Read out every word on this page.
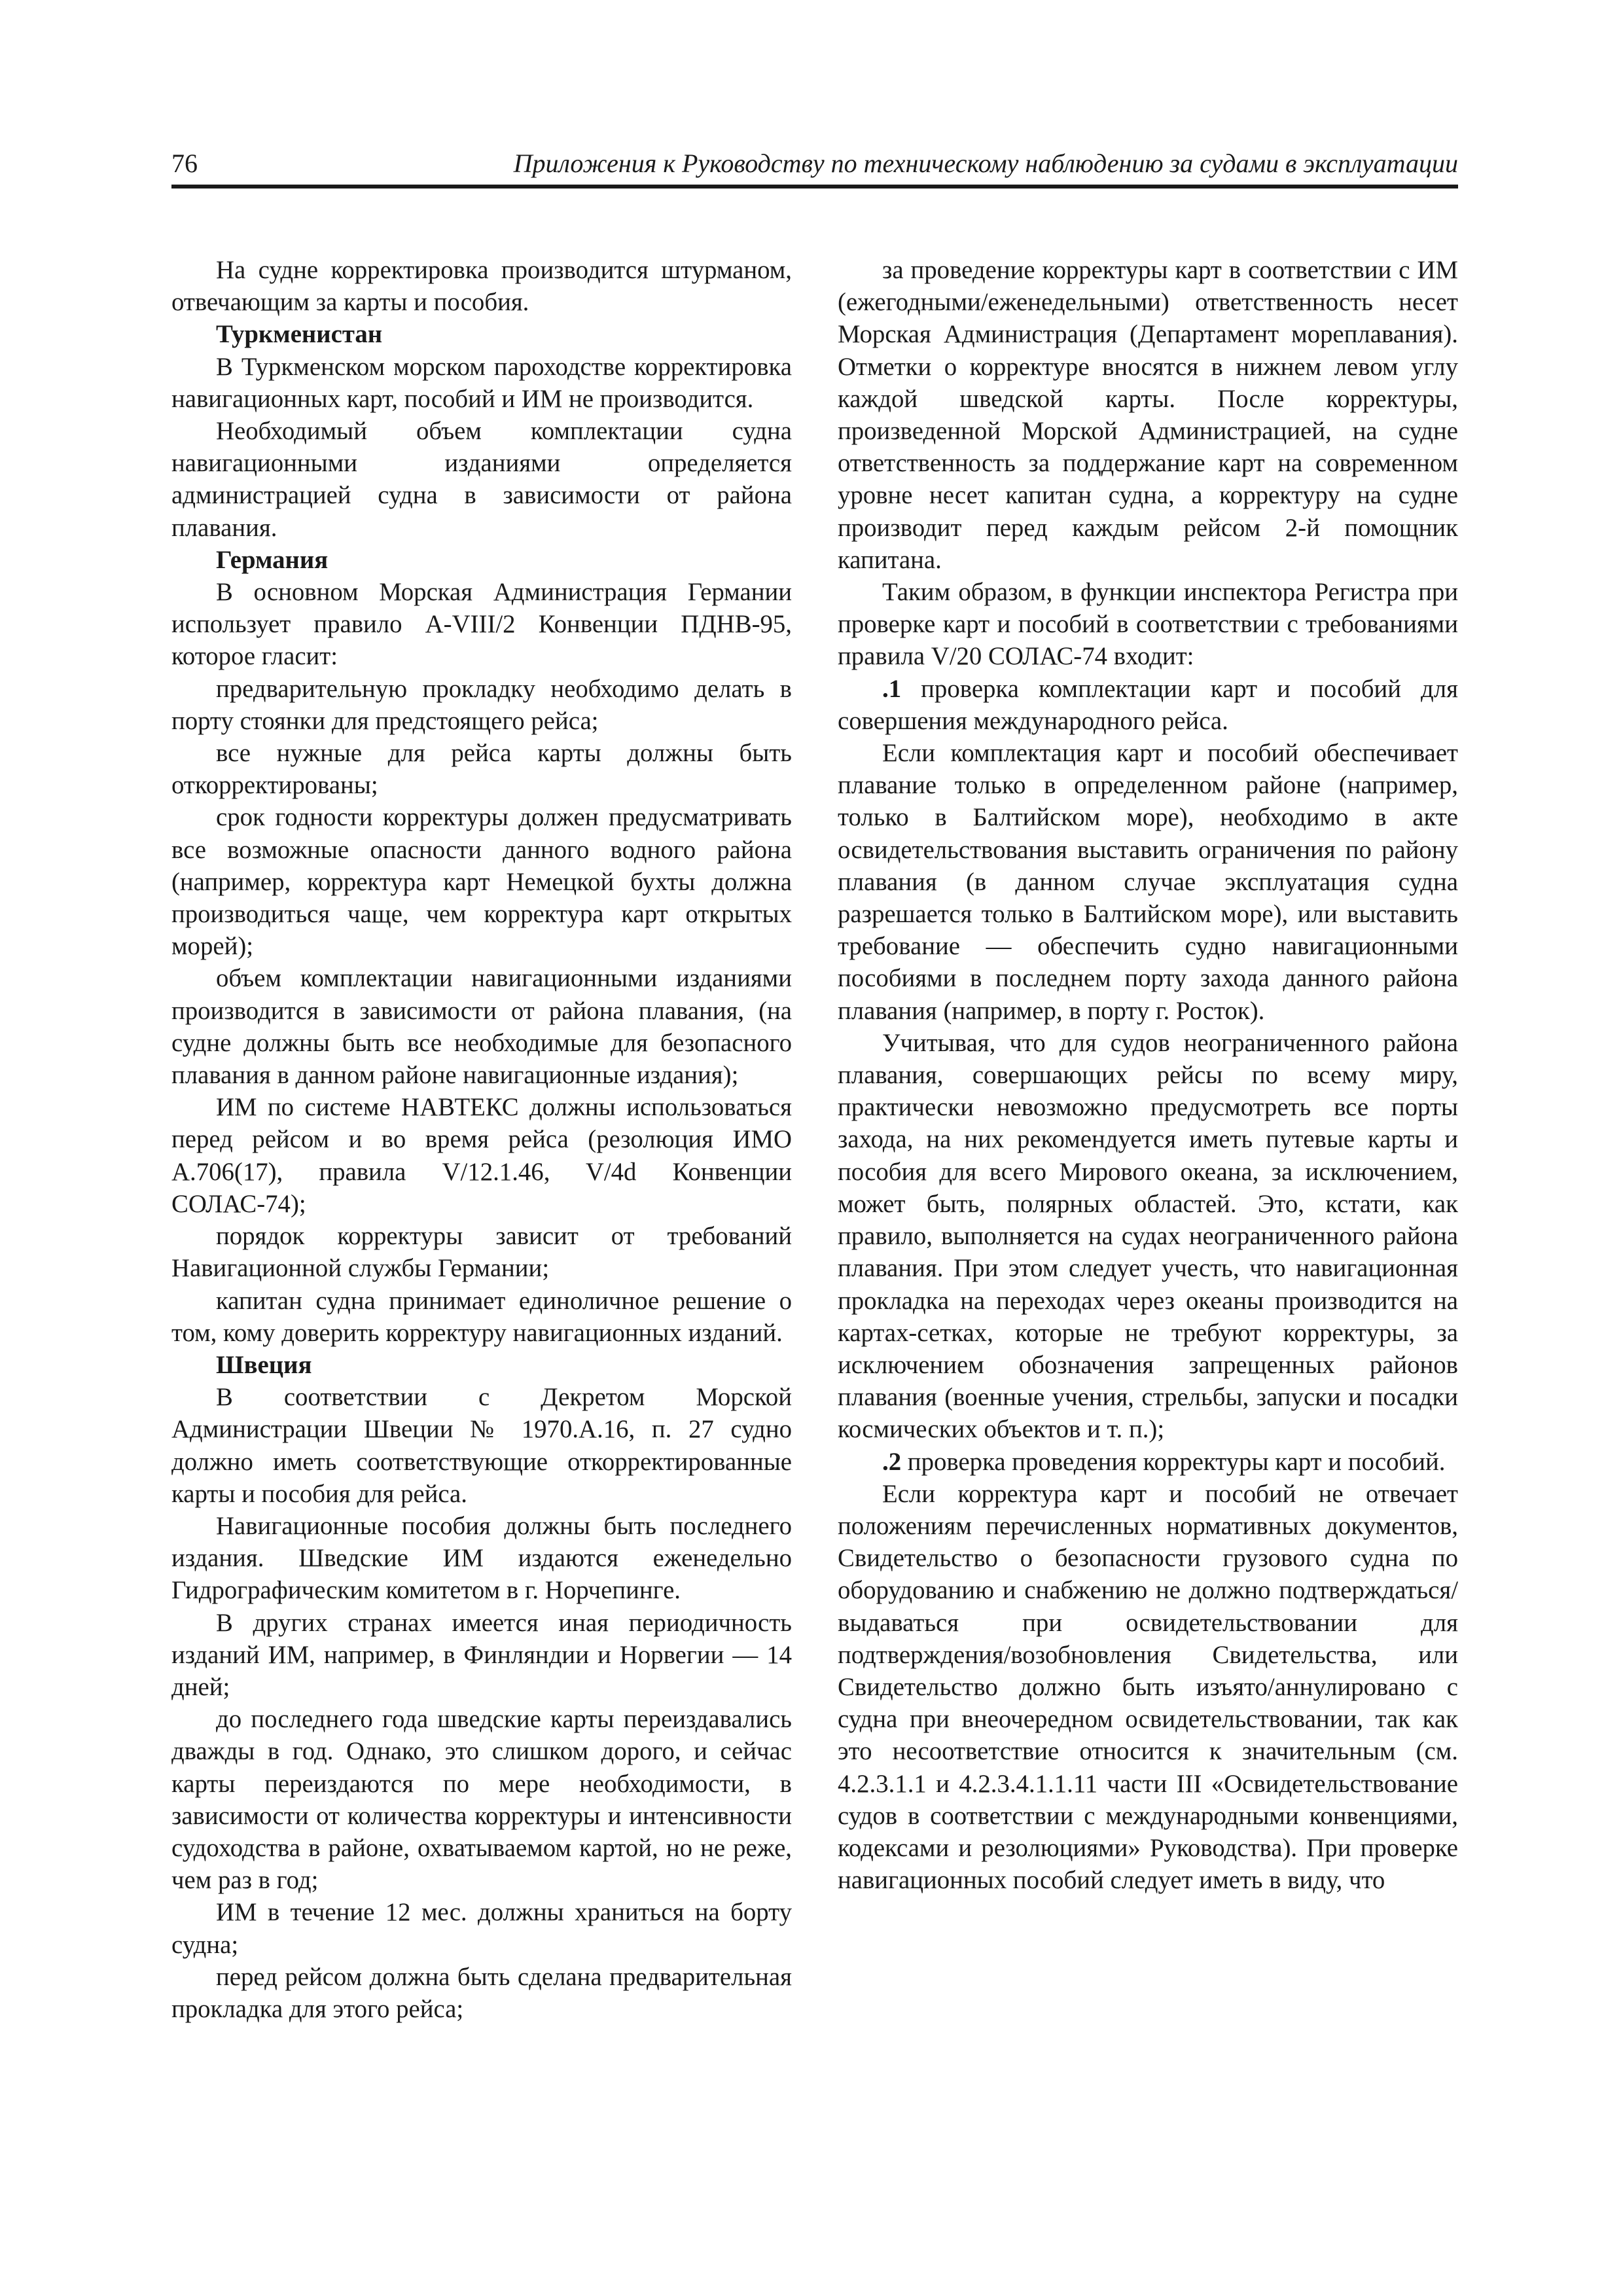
76	Приложения к Руководству по техническому наблюдению за судами в эксплуатации

На судне корректировка производится штурманом, отвечающим за карты и пособия.

Туркменистан

В Туркменском морском пароходстве корректировка навигационных карт, пособий и ИМ не производится.

Необходимый объем комплектации судна навигационными изданиями определяется администрацией судна в зависимости от района плавания.

Германия

В основном Морская Администрация Германии использует правило A-VIII/2 Конвенции ПДНВ-95, которое гласит:

предварительную прокладку необходимо делать в порту стоянки для предстоящего рейса;

все нужные для рейса карты должны быть откорректированы;

срок годности корректуры должен предусматривать все возможные опасности данного водного района (например, корректура карт Немецкой бухты должна производиться чаще, чем корректура карт открытых морей);

объем комплектации навигационными изданиями производится в зависимости от района плавания, (на судне должны быть все необходимые для безопасного плавания в данном районе навигационные издания);

ИМ по системе НАВТЕКС должны использоваться перед рейсом и во время рейса (резолюция ИМО А.706(17), правила V/12.1.46, V/4d Конвенции СОЛАС-74);

порядок корректуры зависит от требований Навигационной службы Германии;

капитан судна принимает единоличное решение о том, кому доверить корректуру навигационных изданий.

Швеция

В соответствии с Декретом Морской Администрации Швеции № 1970.А.16, п. 27 судно должно иметь соответствующие откорректированные карты и пособия для рейса.

Навигационные пособия должны быть последнего издания. Шведские ИМ издаются еженедельно Гидрографическим комитетом в г. Норчепинге.

В других странах имеется иная периодичность изданий ИМ, например, в Финляндии и Норвегии — 14 дней;

до последнего года шведские карты переиздавались дважды в год. Однако, это слишком дорого, и сейчас карты переиздаются по мере необходимости, в зависимости от количества корректуры и интенсивности судоходства в районе, охватываемом картой, но не реже, чем раз в год;

ИМ в течение 12 мес. должны храниться на борту судна;

перед рейсом должна быть сделана предварительная прокладка для этого рейса;

за проведение корректуры карт в соответствии с ИМ (ежегодными/еженедельными) ответственность несет Морская Администрация (Департамент мореплавания). Отметки о корректуре вносятся в нижнем левом углу каждой шведской карты. После корректуры, произведенной Морской Администрацией, на судне ответственность за поддержание карт на современном уровне несет капитан судна, а корректуру на судне производит перед каждым рейсом 2-й помощник капитана.

Таким образом, в функции инспектора Регистра при проверке карт и пособий в соответствии с требованиями правила V/20 СОЛАС-74 входит:

.1 проверка комплектации карт и пособий для совершения международного рейса.

Если комплектация карт и пособий обеспечивает плавание только в определенном районе (например, только в Балтийском море), необходимо в акте освидетельствования выставить ограничения по району плавания (в данном случае эксплуатация судна разрешается только в Балтийском море), или выставить требование — обеспечить судно навигационными пособиями в последнем порту захода данного района плавания (например, в порту г. Росток).

Учитывая, что для судов неограниченного района плавания, совершающих рейсы по всему миру, практически невозможно предусмотреть все порты захода, на них рекомендуется иметь путевые карты и пособия для всего Мирового океана, за исключением, может быть, полярных областей. Это, кстати, как правило, выполняется на судах неограниченного района плавания. При этом следует учесть, что навигационная прокладка на переходах через океаны производится на картах-сетках, которые не требуют корректуры, за исключением обозначения запрещенных районов плавания (военные учения, стрельбы, запуски и посадки космических объектов и т. п.);

.2 проверка проведения корректуры карт и пособий.

Если корректура карт и пособий не отвечает положениям перечисленных нормативных документов, Свидетельство о безопасности грузового судна по оборудованию и снабжению не должно подтверждаться/выдаваться при освидетельствовании для подтверждения/возобновления Свидетельства, или Свидетельство должно быть изъято/аннулировано с судна при внеочередном освидетельствовании, так как это несоответствие относится к значительным (см. 4.2.3.1.1 и 4.2.3.4.1.1.11 части III «Освидетельствование судов в соответствии с международными конвенциями, кодексами и резолюциями» Руководства). При проверке навигационных пособий следует иметь в виду, что
